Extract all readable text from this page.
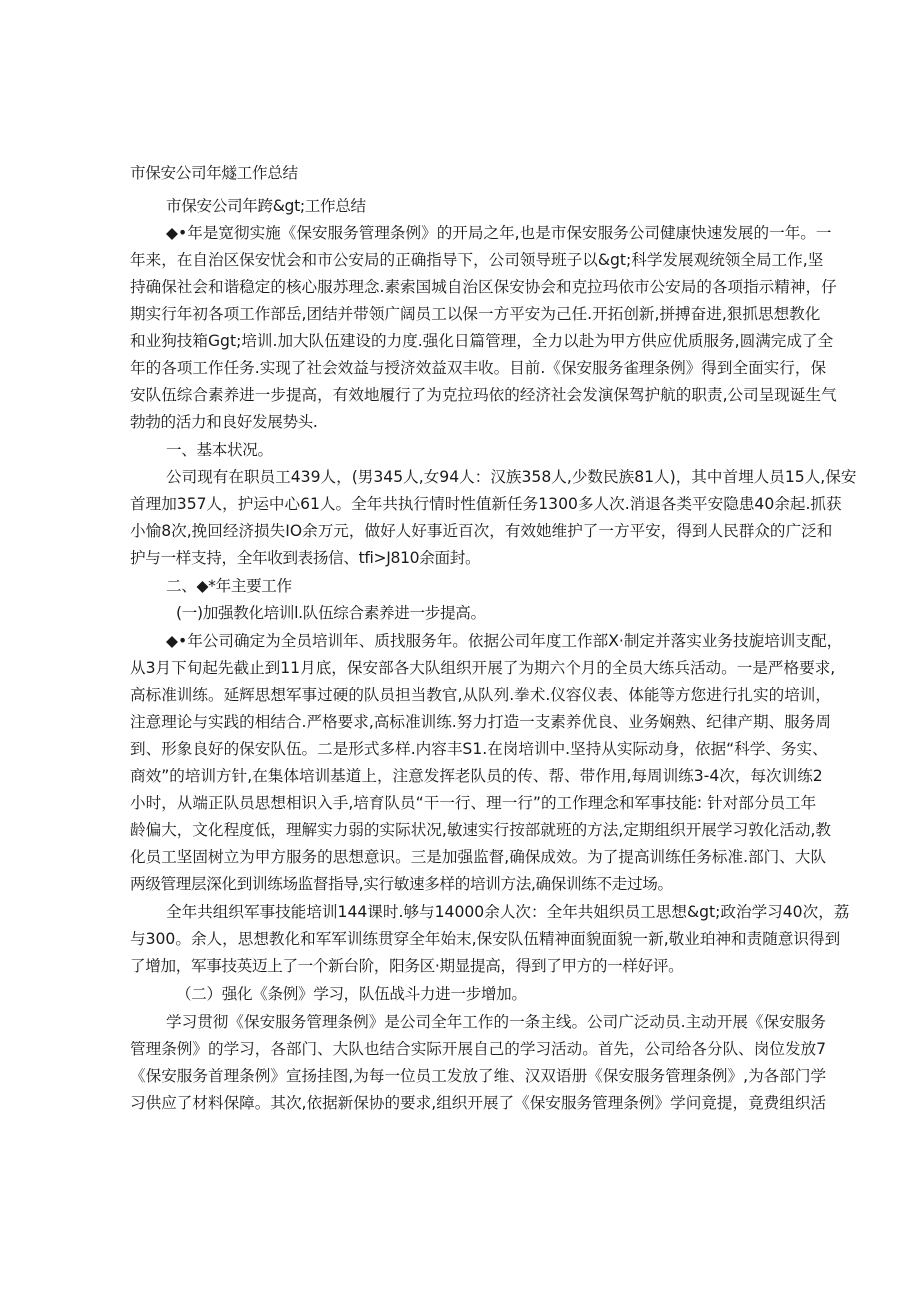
市保安公司年燧工作总结
市保安公司年跨&gt;工作总结
◆•年是宽彻实施《保安服务管理条例》的开局之年,也是市保安服务公司健康快速发展的一年。一
年来，在自治区保安忧会和市公安局的正确指导下，公司领导班子以&gt;科学发展观统领全局工作,坚
持确保社会和谐稳定的核心服苏理念.素索国城自治区保安协会和克拉玛依市公安局的各项指示精神，仔
期实行年初各项工作部岳,团结并带领广阔员工以保一方平安为己任.开拓创新,拼搏奋进,狠抓思想教化
和业狗技箱Ggt;培训.加大队伍建设的力度.强化日篇管理，全力以赴为甲方供应优质服务,圆满完成了全
年的各项工作任务.实现了社会效益与授济效益双丰收。目前.《保安服务雀理条例》得到全面实行，保
安队伍综合素养进一步提高，有效地履行了为克拉玛依的经济社会发演保驾护航的职责,公司呈现诞生气
勃勃的活力和良好发展势头.
一、基本状况。
公司现有在职员工439人，(男345人,女94人：汉族358人,少数民族81人)，其中首埋人员15人,保安
首理加357人，护运中心61人。全年共执行情时性值新任务1300多人次.消退各类平安隐患40余起.抓获
小愉8次,挽回经济损失IO余万元，做好人好事近百次，有效她维护了一方平安，得到人民群众的广泛和
护与一样支持，全年收到表扬信、tfi>J810余面封。
二、◆*年主要工作
(一)加强教化培训l.队伍综合素养进一步提高。
◆•年公司确定为全员培训年、质找服务年。依据公司年度工作部X·制定并落实业务技旎培训支配，
从3月下旬起先截止到11月底，保安部各大队组织开展了为期六个月的全员大练兵活动。一是严格要求,
高标准训练。延辉思想军事过硬的队员担当教官,从队列.拳术.仪容仪表、体能等方您进行扎实的培训，
注意理论与实践的相结合.严格要求,高标准训练.努力打造一支素养优良、业务娴熟、纪律产期、服务周
到、形象良好的保安队伍。二是形式多样.内容丰S1.在岗培训中.坚持从实际动身，依据“科学、务实、
商效”的培训方针,在集体培训基道上，注意发挥老队员的传、帮、带作用,每周训练3-4次，每次训练2
小时，从端正队员思想相识入手,培育队员“干一行、理一行”的工作理念和军事技能: 针对部分员工年
龄偏大，文化程度低，理解实力弱的实际状况,敏速实行按部就班的方法,定期组织开展学习敦化活动,教
化员工坚固树立为甲方服务的思想意识。三是加强监督,确保成效。为了提高训练任务标准.部门、大队
两级管理层深化到训练场监督指导,实行敏速多样的培训方法,确保训练不走过场。
全年共组织军事技能培训144课时.够与14000余人次：全年共姐织员工思想&gt;政治学习40次，荔
与300。余人，思想教化和军军训练贯穿全年始末,保安队伍精神面貌面貌一新,敬业珀神和责随意识得到
了增加，军事技英迈上了一个新台阶，阳务区·期显提高，得到了甲方的一样好评。
（二）强化《条例》学习，队伍战斗力进一步增加。
学习贯彻《保安服务管理条例》是公司全年工作的一条主线。公司广泛动员.主动开展《保安服务
管理条例》的学习，各部门、大队也结合实际开展自己的学习活动。首先，公司给各分队、岗位发放7
《保安服务首理条例》宣扬挂图,为每一位员工发放了维、汉双语册《保安服务管理条例》,为各部门学
习供应了材料保障。其次,依据新保协的要求,组织开展了《保安服务管理条例》学问竟提，竟费组织活
